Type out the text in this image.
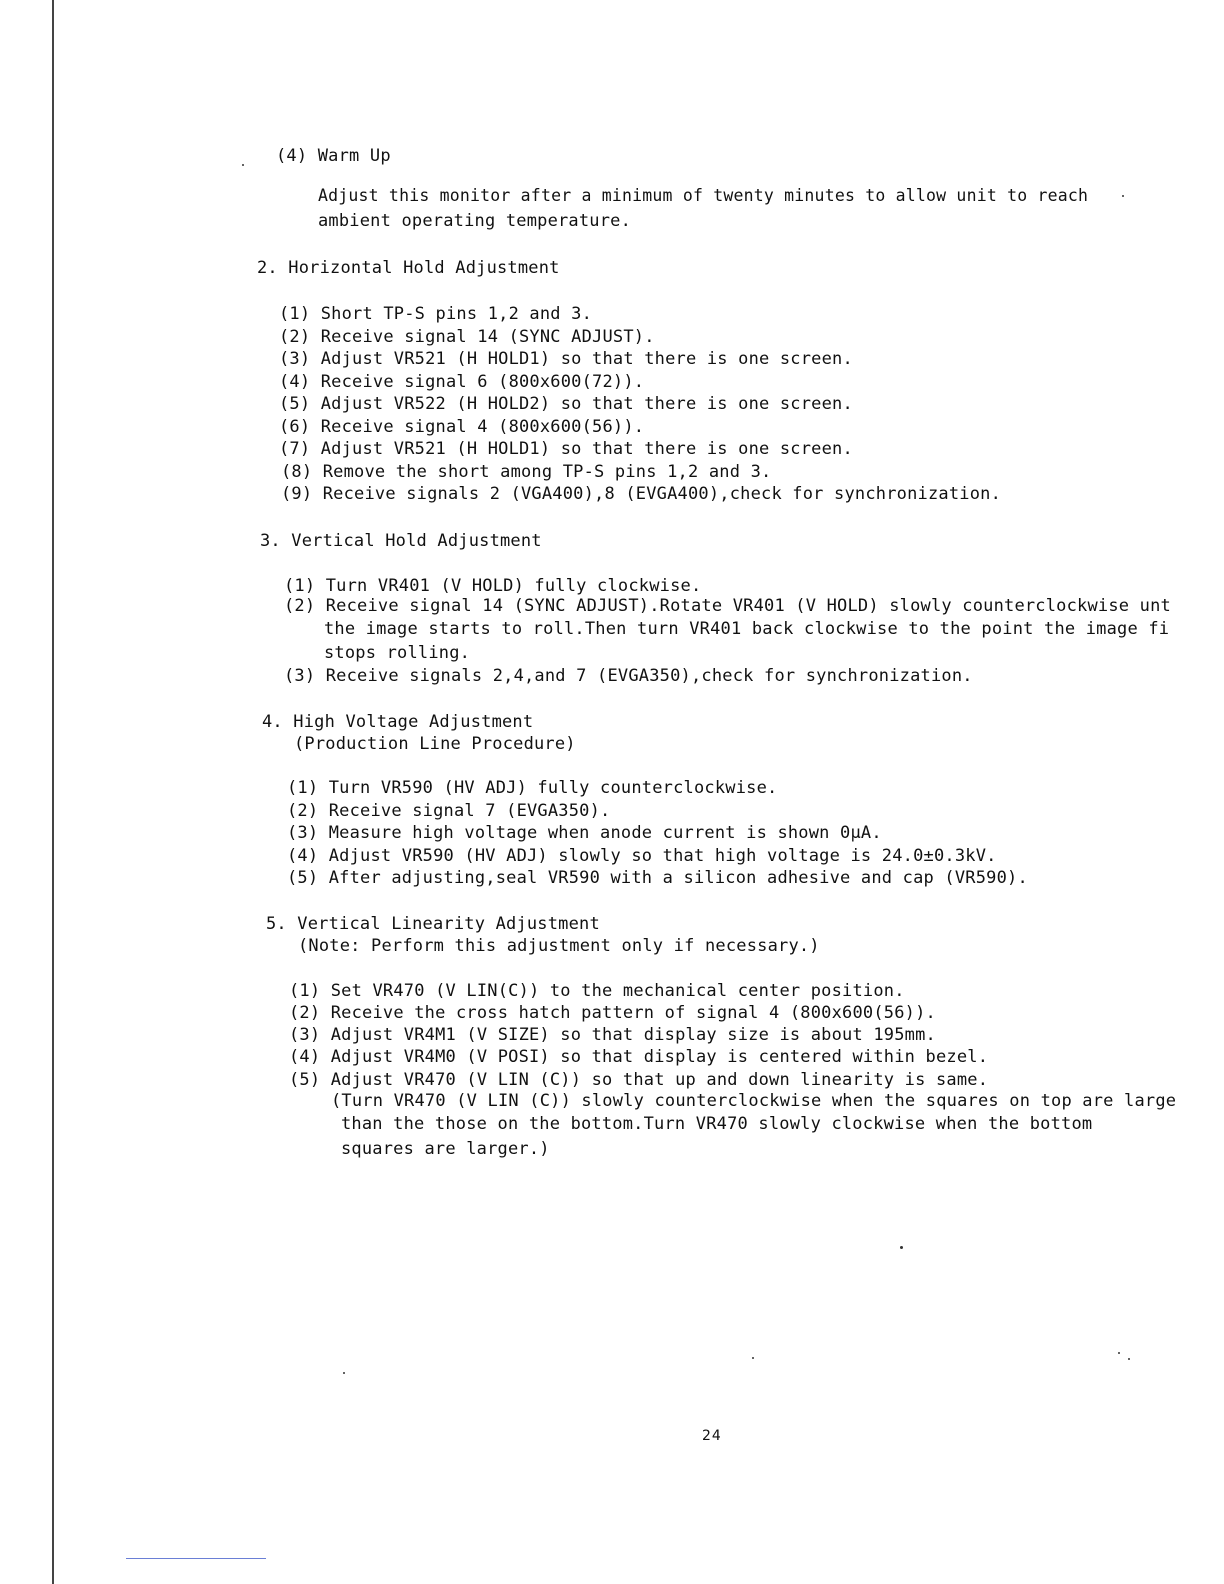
(4) Warm Up
Adjust this monitor after a minimum of twenty minutes to allow unit to reach
ambient operating temperature.
2. Horizontal Hold Adjustment
(1) Short TP-S pins 1,2 and 3.
(2) Receive signal 14 (SYNC ADJUST).
(3) Adjust VR521 (H HOLD1) so that there is one screen.
(4) Receive signal 6 (800x600(72)).
(5) Adjust VR522 (H HOLD2) so that there is one screen.
(6) Receive signal 4 (800x600(56)).
(7) Adjust VR521 (H HOLD1) so that there is one screen.
(8) Remove the short among TP-S pins 1,2 and 3.
(9) Receive signals 2 (VGA400),8 (EVGA400),check for synchronization.
3. Vertical Hold Adjustment
(1) Turn VR401 (V HOLD) fully clockwise.
(2) Receive signal 14 (SYNC ADJUST).Rotate VR401 (V HOLD) slowly counterclockwise unt
the image starts to roll.Then turn VR401 back clockwise to the point the image fi
stops rolling.
(3) Receive signals 2,4,and 7 (EVGA350),check for synchronization.
4. High Voltage Adjustment
(Production Line Procedure)
(1) Turn VR590 (HV ADJ) fully counterclockwise.
(2) Receive signal 7 (EVGA350).
(3) Measure high voltage when anode current is shown 0μA.
(4) Adjust VR590 (HV ADJ) slowly so that high voltage is 24.0±0.3kV.
(5) After adjusting,seal VR590 with a silicon adhesive and cap (VR590).
5. Vertical Linearity Adjustment
(Note: Perform this adjustment only if necessary.)
(1) Set VR470 (V LIN(C)) to the mechanical center position.
(2) Receive the cross hatch pattern of signal 4 (800x600(56)).
(3) Adjust VR4M1 (V SIZE) so that display size is about 195mm.
(4) Adjust VR4M0 (V POSI) so that display is centered within bezel.
(5) Adjust VR470 (V LIN (C)) so that up and down linearity is same.
(Turn VR470 (V LIN (C)) slowly counterclockwise when the squares on top are large
than the those on the bottom.Turn VR470 slowly clockwise when the bottom
squares are larger.)
24
